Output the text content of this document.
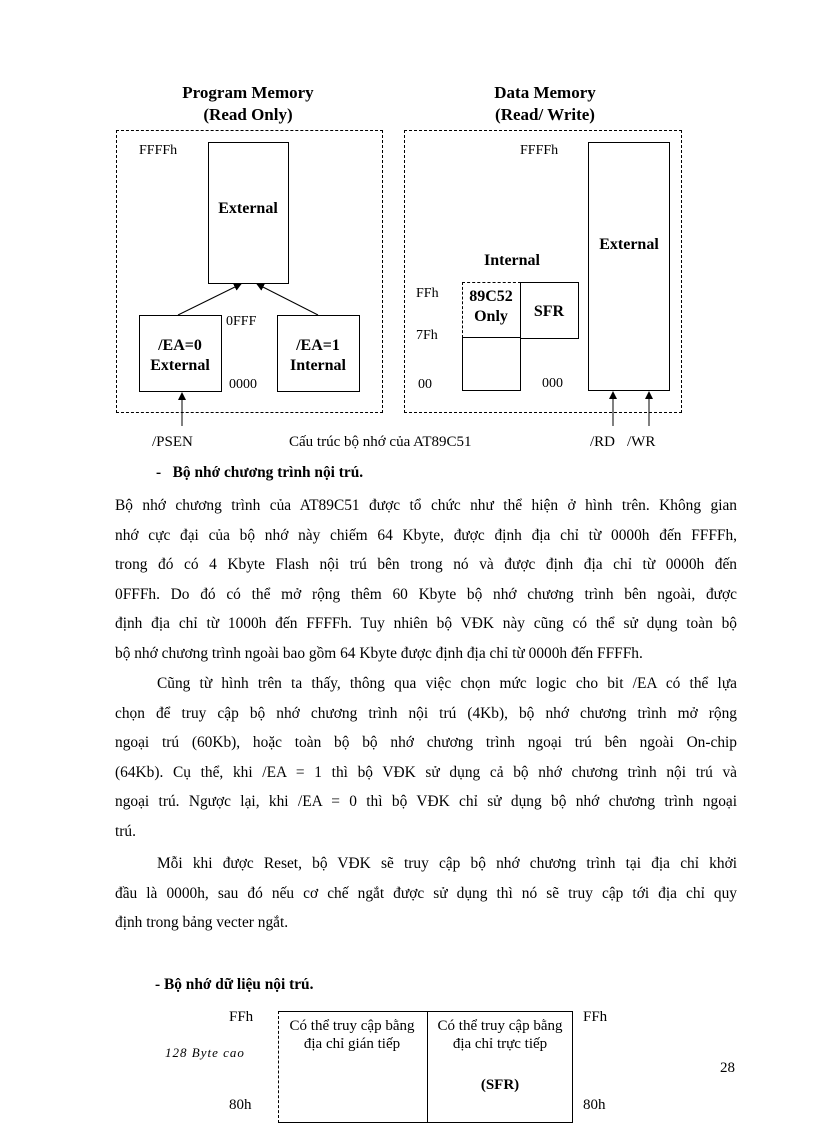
Program Memory
(Read Only)
Data Memory
(Read/ Write)
FFFFh
External
/EA=0
External
/EA=1
Internal
0FFF
0000
FFFFh
External
Internal
89C52
Only	SFR
FFh
7Fh
00	000
/PSEN	Cấu trúc bộ nhớ của AT89C51	/RD /WR
-   Bộ nhớ chương trình nội trú.
Bộ nhớ chương trình của AT89C51 được tổ chức như thể hiện ở hình trên. Không gian
nhớ cực đại của bộ nhớ này chiếm 64 Kbyte, được định địa chỉ từ 0000h đến FFFFh,
trong đó có 4 Kbyte Flash nội trú bên trong nó và được định địa chỉ từ 0000h đến
0FFFh. Do đó có thể mở rộng thêm 60 Kbyte bộ nhớ chương trình bên ngoài, được
định địa chỉ từ 1000h đến FFFFh. Tuy nhiên bộ VĐK này cũng có thể sử dụng toàn bộ
bộ nhớ chương trình ngoài bao gồm 64 Kbyte được định địa chỉ từ 0000h đến FFFFh.
Cũng từ hình trên ta thấy, thông qua việc chọn mức logic cho bit /EA có thể lựa
chọn để truy cập bộ nhớ chương trình nội trú (4Kb), bộ nhớ chương trình mở rộng
ngoại trú (60Kb), hoặc toàn bộ bộ nhớ chương trình ngoại trú bên ngoài On-chip
(64Kb). Cụ thể, khi /EA = 1 thì bộ VĐK sử dụng cả bộ nhớ chương trình nội trú và
ngoại trú. Ngược lại, khi /EA = 0 thì bộ VĐK chỉ sử dụng bộ nhớ chương trình ngoại
trú.
Mỗi khi được Reset, bộ VĐK sẽ truy cập bộ nhớ chương trình tại địa chỉ khởi
đầu là 0000h, sau đó nếu cơ chế ngắt được sử dụng thì nó sẽ truy cập tới địa chỉ quy
định trong bảng vecter ngắt.
- Bộ nhớ dữ liệu nội trú.
FFh	FFh
128 Byte cao
80h	80h
Có thể truy cập bằng địa chỉ gián tiếp
Có thể truy cập bằng địa chỉ trực tiếp
(SFR)
28
